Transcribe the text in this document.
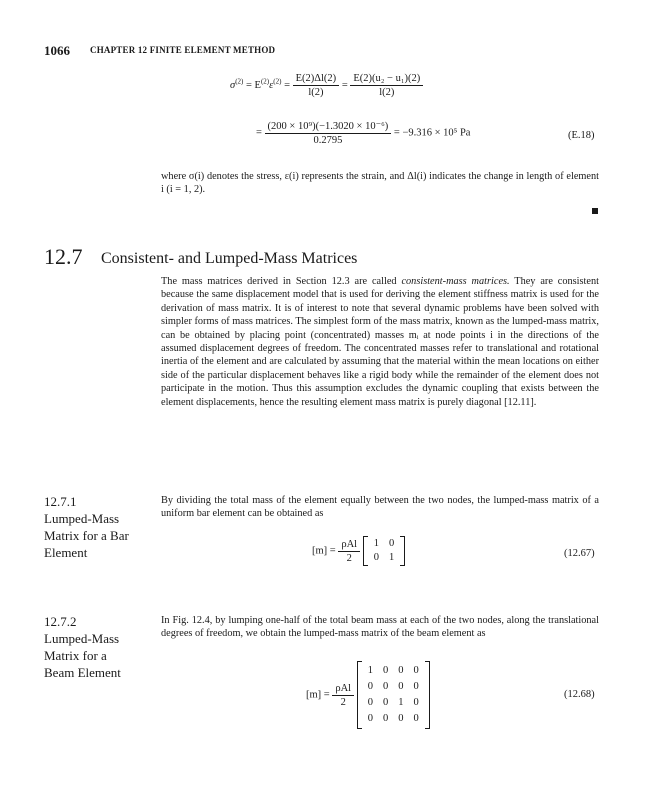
1066 CHAPTER 12 FINITE ELEMENT METHOD
$\sigma^{(2)} = E^{(2)}\varepsilon^{(2)} = \frac{E(2)\Delta l(2)}{l(2)} = \frac{\text{E(2)(u₂ − u₁)(2)}}{l(2)}$
= $\frac{\text{(200 × 10⁹)(−1.3020 × 10⁻⁶)}}{0.2795} = -9.316 \times 10^5$ Pa	(E.18)
where σ(i) denotes the stress, ε(i) represents the strain, and Δl(i) indicates the change in length of element i (i = 1, 2).
12.7 Consistent- and Lumped-Mass Matrices
The mass matrices derived in Section 12.3 are called consistent-mass matrices. They are consistent because the same displacement model that is used for deriving the element stiffness matrix is used for the derivation of mass matrix. It is of interest to note that several dynamic problems have been solved with simpler forms of mass matrices. The simplest form of the mass matrix, known as the lumped-mass matrix, can be obtained by placing point (concentrated) masses mᵢ at node points i in the directions of the assumed displacement degrees of freedom. The concentrated masses refer to translational and rotational inertia of the element and are calculated by assuming that the material within the mean locations on either side of the particular displacement behaves like a rigid body while the remainder of the element does not participate in the motion. Thus this assumption excludes the dynamic coupling that exists between the element displacements, hence the resulting element mass matrix is purely diagonal [12.11].
12.7.1
Lumped-Mass
Matrix for a Bar
Element
By dividing the total mass of the element equally between the two nodes, the lumped-mass matrix of a uniform bar element can be obtained as
$[m] = \frac{\text{ρAl}}{2}$
1	0
0	1	(12.67)
12.7.2
Lumped-Mass
Matrix for a
Beam Element
In Fig. 12.4, by lumping one-half of the total beam mass at each of the two nodes, along the translational degrees of freedom, we obtain the lumped-mass matrix of the beam element as
$[m] = \frac{\text{ρAl}}{2}$

1	0	0	0
0	0	0	0
0	0	1	0
0	0	0	0
(12.68)
